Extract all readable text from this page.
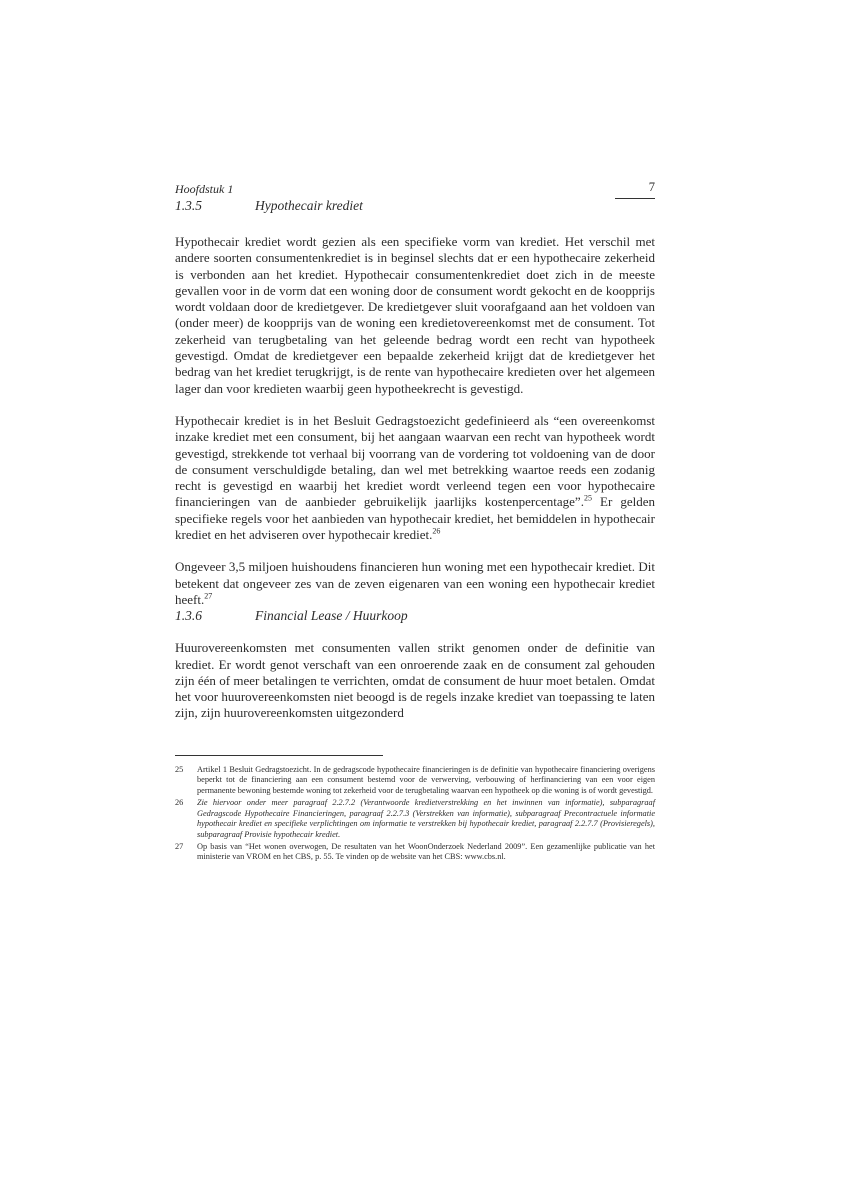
Hoofdstuk 1	7
1.3.5	Hypothecair krediet

Hypothecair krediet wordt gezien als een specifieke vorm van krediet. Het verschil met andere soorten consumentenkrediet is in beginsel slechts dat er een hypothecaire zekerheid is verbonden aan het krediet. Hypothecair consumentenkrediet doet zich in de meeste gevallen voor in de vorm dat een woning door de consument wordt gekocht en de koopprijs wordt voldaan door de kredietgever. De kredietgever sluit voorafgaand aan het voldoen van (onder meer) de koopprijs van de woning een kredietovereenkomst met de consument. Tot zekerheid van terugbetaling van het geleende bedrag wordt een recht van hypotheek gevestigd. Omdat de kredietgever een bepaalde zekerheid krijgt dat de kredietgever het bedrag van het krediet terugkrijgt, is de rente van hypothecaire kredieten over het algemeen lager dan voor kredieten waarbij geen hypotheekrecht is gevestigd.

Hypothecair krediet is in het Besluit Gedragstoezicht gedefinieerd als “een overeenkomst inzake krediet met een consument, bij het aangaan waarvan een recht van hypotheek wordt gevestigd, strekkende tot verhaal bij voorrang van de vordering tot voldoening van de door de consument verschuldigde betaling, dan wel met betrekking waartoe reeds een zodanig recht is gevestigd en waarbij het krediet wordt verleend tegen een voor hypothecaire financieringen van de aanbieder gebruikelijk jaarlijks kostenpercentage”.$^{25}$ Er gelden specifieke regels voor het aanbieden van hypothecair krediet, het bemiddelen in hypothecair krediet en het adviseren over hypothecair krediet.$^{26}$

Ongeveer 3,5 miljoen huishoudens financieren hun woning met een hypothecair krediet. Dit betekent dat ongeveer zes van de zeven eigenaren van een woning een hypothecair krediet heeft.$^{27}$

1.3.6	Financial Lease / Huurkoop

Huurovereenkomsten met consumenten vallen strikt genomen onder de definitie van krediet. Er wordt genot verschaft van een onroerende zaak en de consument zal gehouden zijn één of meer betalingen te verrichten, omdat de consument de huur moet betalen. Omdat het voor huurovereenkomsten niet beoogd is de regels inzake krediet van toepassing te laten zijn, zijn huurovereenkomsten uitgezonderd

25	Artikel 1 Besluit Gedragstoezicht. In de gedragscode hypothecaire financieringen is de definitie van hypothecaire financiering overigens beperkt tot de financiering aan een consument bestemd voor de verwerving, verbouwing of herfinanciering van een voor eigen permanente bewoning bestemde woning tot zekerheid voor de terugbetaling waarvan een hypotheek op die woning is of wordt gevestigd.
26	Zie hiervoor onder meer paragraaf 2.2.7.2 (Verantwoorde kredietverstrekking en het inwinnen van informatie), subparagraaf Gedragscode Hypothecaire Financieringen, paragraaf 2.2.7.3 (Verstrekken van informatie), subparagraaf Precontractuele informatie hypothecair krediet en specifieke verplichtingen om informatie te verstrekken bij hypothecair krediet, paragraaf 2.2.7.7 (Provisieregels), subparagraaf Provisie hypothecair krediet.
27	Op basis van “Het wonen overwogen, De resultaten van het WoonOnderzoek Nederland 2009”. Een gezamenlijke publicatie van het ministerie van VROM en het CBS, p. 55. Te vinden op de website van het CBS: www.cbs.nl.
